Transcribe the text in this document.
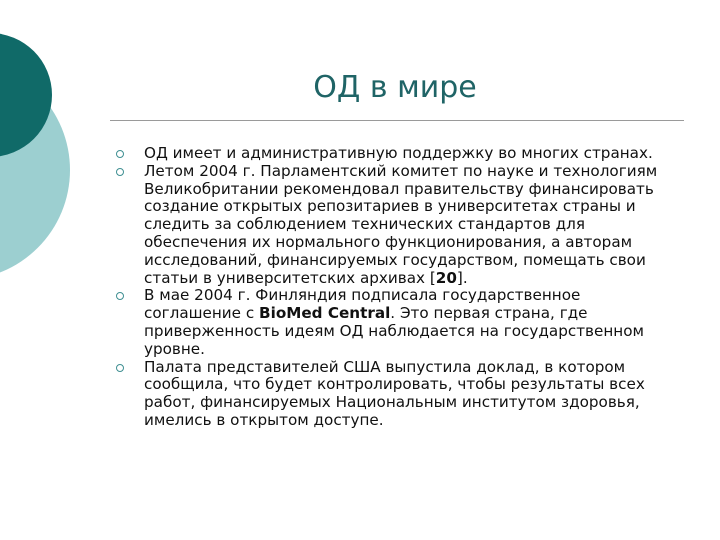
ОД в мире
ОД имеет и административную поддержку во многих странах.
Летом 2004 г. Парламентский комитет по науке и технологиям Великобритании рекомендовал правительству финансировать создание открытых репозитариев в университетах страны и следить за соблюдением технических стандартов для обеспечения их нормального функционирования, а авторам исследований, финансируемых государством, помещать свои статьи в университетских архивах [20].
В мае 2004 г. Финляндия подписала государственное соглашение с BioMed Central. Это первая страна, где приверженность идеям ОД наблюдается на государственном уровне.
Палата представителей США выпустила доклад, в котором сообщила, что будет контролировать, чтобы результаты всех работ, финансируемых Национальным институтом здоровья, имелись в открытом доступе.
